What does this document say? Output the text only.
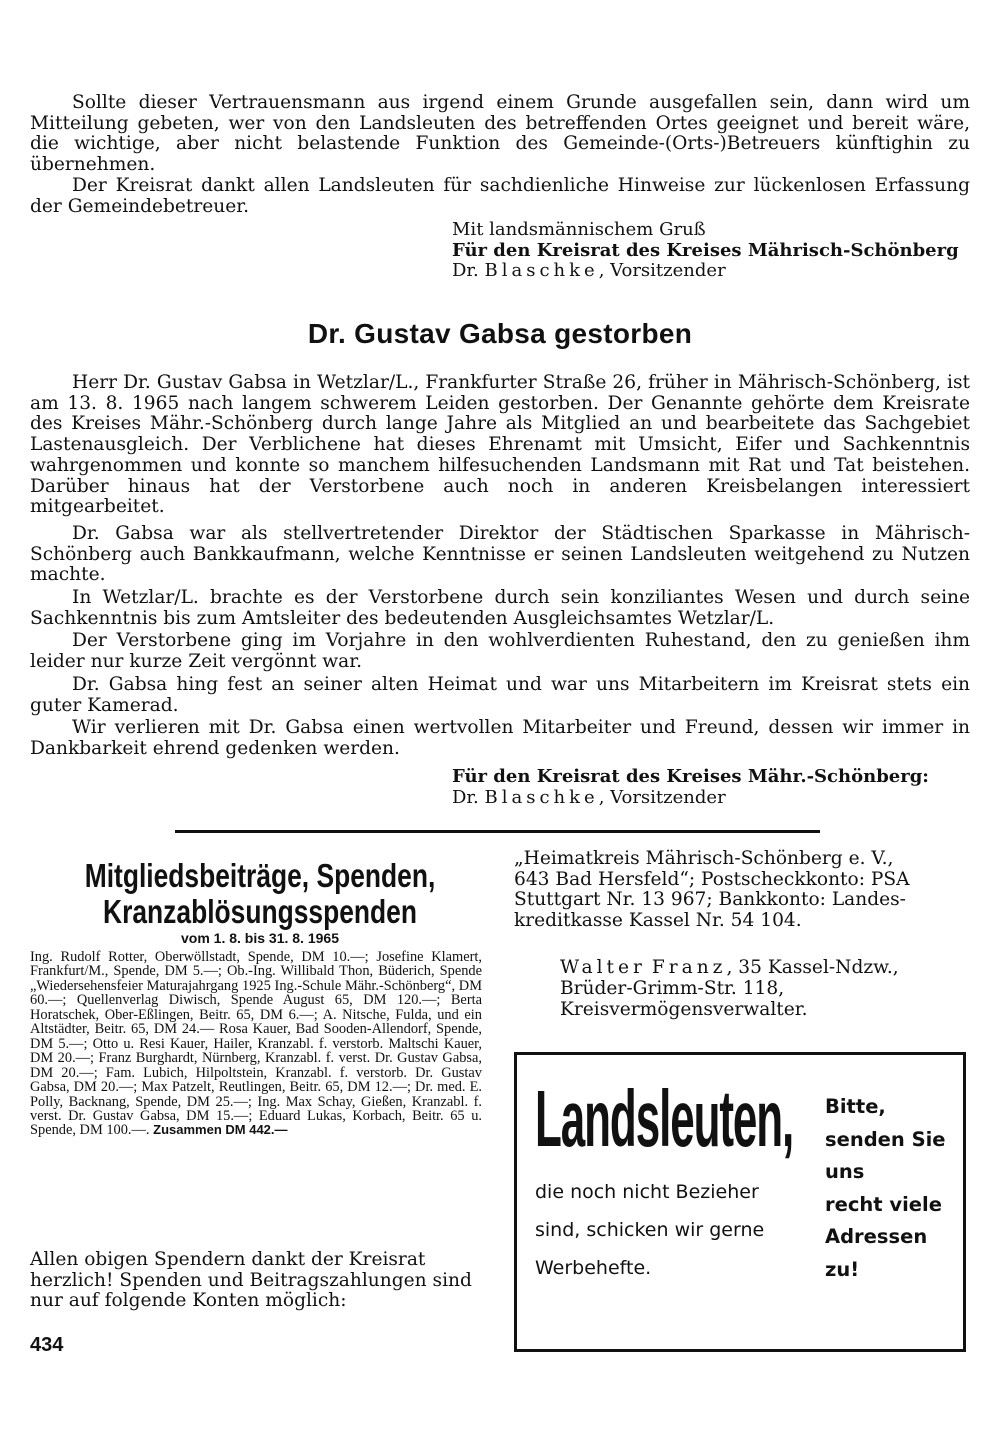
Sollte dieser Vertrauensmann aus irgend einem Grunde ausgefallen sein, dann wird um Mitteilung gebeten, wer von den Landsleuten des betreffenden Ortes geeignet und bereit wäre, die wichtige, aber nicht belastende Funktion des Gemeinde-(Orts-)Betreuers künftighin zu übernehmen.

Der Kreisrat dankt allen Landsleuten für sachdienliche Hinweise zur lückenlosen Erfassung der Gemeindebetreuer.

Mit landsmännischem Gruß
Für den Kreisrat des Kreises Mährisch-Schönberg
Dr. Blaschke, Vorsitzender
Dr. Gustav Gabsa gestorben

Herr Dr. Gustav Gabsa in Wetzlar/L., Frankfurter Straße 26, früher in Mährisch-Schönberg, ist am 13. 8. 1965 nach langem schwerem Leiden gestorben. Der Genannte gehörte dem Kreisrate des Kreises Mähr.-Schönberg durch lange Jahre als Mitglied an und bearbeitete das Sachgebiet Lastenausgleich. Der Verblichene hat dieses Ehrenamt mit Umsicht, Eifer und Sachkenntnis wahrgenommen und konnte so manchem hilfesuchenden Landsmann mit Rat und Tat beistehen. Darüber hinaus hat der Verstorbene auch noch in anderen Kreisbelangen interessiert mitgearbeitet.

Dr. Gabsa war als stellvertretender Direktor der Städtischen Sparkasse in Mährisch-Schönberg auch Bankkaufmann, welche Kenntnisse er seinen Landsleuten weitgehend zu Nutzen machte.

In Wetzlar/L. brachte es der Verstorbene durch sein konziliantes Wesen und durch seine Sachkenntnis bis zum Amtsleiter des bedeutenden Ausgleichsamtes Wetzlar/L.

Der Verstorbene ging im Vorjahre in den wohlverdienten Ruhestand, den zu genießen ihm leider nur kurze Zeit vergönnt war.

Dr. Gabsa hing fest an seiner alten Heimat und war uns Mitarbeitern im Kreisrat stets ein guter Kamerad.

Wir verlieren mit Dr. Gabsa einen wertvollen Mitarbeiter und Freund, dessen wir immer in Dankbarkeit ehrend gedenken werden.

Für den Kreisrat des Kreises Mähr.-Schönberg:
Dr. Blaschke, Vorsitzender
Mitgliedsbeiträge, Spenden,
Kranzablösungsspenden
vom 1. 8. bis 31. 8. 1965

Ing. Rudolf Rotter, Oberwöllstadt, Spende, DM 10.—; Josefine Klamert, Frankfurt/M., Spende, DM 5.—; Ob.-Ing. Willibald Thon, Büderich, Spende „Wiedersehensfeier Maturajahrgang 1925 Ing.-Schule Mähr.-Schönberg“, DM 60.—; Quellenverlag Diwisch, Spende August 65, DM 120.—; Berta Horatschek, Ober-Eßlingen, Beitr. 65, DM 6.—; A. Nitsche, Fulda, und ein Altstädter, Beitr. 65, DM 24.— Rosa Kauer, Bad Sooden-Allendorf, Spende, DM 5.—; Otto u. Resi Kauer, Hailer, Kranzabl. f. verstorb. Maltschi Kauer, DM 20.—; Franz Burghardt, Nürnberg, Kranzabl. f. verst. Dr. Gustav Gabsa, DM 20.—; Fam. Lubich, Hilpoltstein, Kranzabl. f. verstorb. Dr. Gustav Gabsa, DM 20.—; Max Patzelt, Reutlingen, Beitr. 65, DM 12.—; Dr. med. E. Polly, Backnang, Spende, DM 25.—; Ing. Max Schay, Gießen, Kranzabl. f. verst. Dr. Gustav Gabsa, DM 15.—; Eduard Lukas, Korbach, Beitr. 65 u. Spende, DM 100.—. Zusammen DM 442.—

Allen obigen Spendern dankt der Kreisrat herzlich! Spenden und Beitragszahlungen sind nur auf folgende Konten möglich:

434

„Heimatkreis Mährisch-Schönberg e. V.,
643 Bad Hersfeld“; Postscheckkonto: PSA
Stuttgart Nr. 13 967; Bankkonto: Landes-
kreditkasse Kassel Nr. 54 104.

Walter Franz, 35 Kassel-Ndzw.,
Brüder-Grimm-Str. 118,
Kreisvermögensverwalter.

Landsleuten,
die noch nicht Bezieher
sind, schicken wir gerne
Werbehefte.
Bitte,
senden Sie
uns
recht viele
Adressen
zu!
